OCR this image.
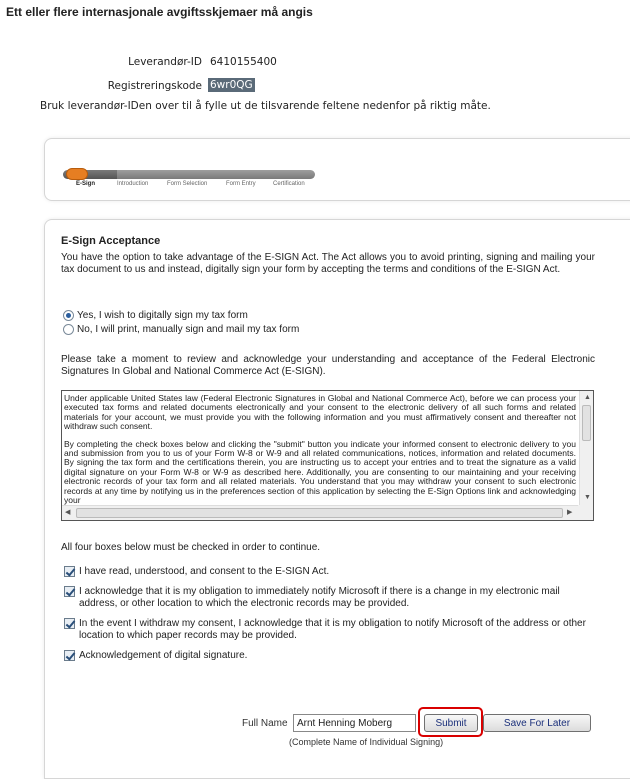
Ett eller flere internasjonale avgiftsskjemaer må angis
Leverandør-ID 6410155400
Registreringskode 6wr0QG
Bruk leverandør-IDen over til å fylle ut de tilsvarende feltene nedenfor på riktig måte.
E-Sign	Introduction	Form Selection	Form Entry	Certification
E-Sign Acceptance
You have the option to take advantage of the E-SIGN Act. The Act allows you to avoid printing, signing and mailing your tax document to us and instead, digitally sign your form by accepting the terms and conditions of the E-SIGN Act.
Yes, I wish to digitally sign my tax form
No, I will print, manually sign and mail my tax form
Please take a moment to review and acknowledge your understanding and acceptance of the Federal Electronic Signatures In Global and National Commerce Act (E-SIGN).

Under applicable United States law (Federal Electronic Signatures in Global and National Commerce Act), before we can process your executed tax forms and related documents electronically and your consent to the electronic delivery of all such forms and related materials for your account, we must provide you with the following information and you must affirmatively consent and thereafter not withdraw such consent.

By completing the check boxes below and clicking the "submit" button you indicate your informed consent to electronic delivery to you and submission from you to us of your Form W-8 or W-9 and all related communications, notices, information and related documents. By signing the tax form and the certifications therein, you are instructing us to accept your entries and to treat the signature as a valid digital signature on your Form W-8 or W-9 as described here. Additionally, you are consenting to our maintaining and your receiving electronic records of your tax form and all related materials. You understand that you may withdraw your consent to such electronic records at any time by notifying us in the preferences section of this application by selecting the E-Sign Options link and acknowledging your

▲
▼
◀	▶
All four boxes below must be checked in order to continue.
I have read, understood, and consent to the E-SIGN Act.
I acknowledge that it is my obligation to immediately notify Microsoft if there is a change in my electronic mail address, or other location to which the electronic records may be provided.
In the event I withdraw my consent, I acknowledge that it is my obligation to notify Microsoft of the address or other location to which paper records may be provided.
Acknowledgement of digital signature.
Full Name
Arnt Henning Moberg	Submit	Save For Later
(Complete Name of Individual Signing)
